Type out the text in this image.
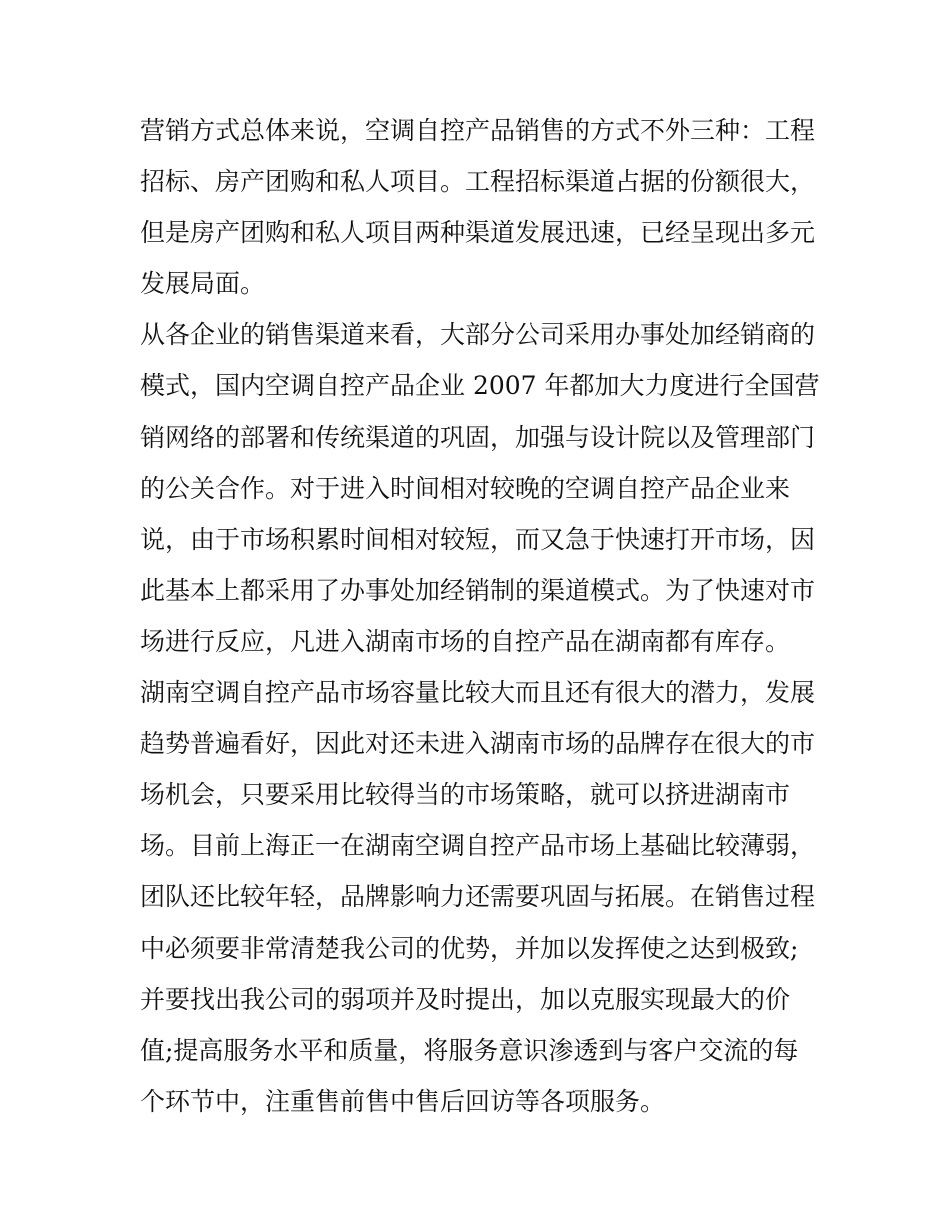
营销方式总体来说，空调自控产品销售的方式不外三种：工程
招标、房产团购和私人项目。工程招标渠道占据的份额很大，
但是房产团购和私人项目两种渠道发展迅速，已经呈现出多元
发展局面。
从各企业的销售渠道来看，大部分公司采用办事处加经销商的
模式，国内空调自控产品企业 2007 年都加大力度进行全国营
销网络的部署和传统渠道的巩固，加强与设计院以及管理部门
的公关合作。对于进入时间相对较晚的空调自控产品企业来
说，由于市场积累时间相对较短，而又急于快速打开市场，因
此基本上都采用了办事处加经销制的渠道模式。为了快速对市
场进行反应，凡进入湖南市场的自控产品在湖南都有库存。
湖南空调自控产品市场容量比较大而且还有很大的潜力，发展
趋势普遍看好，因此对还未进入湖南市场的品牌存在很大的市
场机会，只要采用比较得当的市场策略，就可以挤进湖南市
场。目前上海正一在湖南空调自控产品市场上基础比较薄弱，
团队还比较年轻，品牌影响力还需要巩固与拓展。在销售过程
中必须要非常清楚我公司的优势，并加以发挥使之达到极致;
并要找出我公司的弱项并及时提出，加以克服实现最大的价
值;提高服务水平和质量，将服务意识渗透到与客户交流的每
个环节中，注重售前售中售后回访等各项服务。
